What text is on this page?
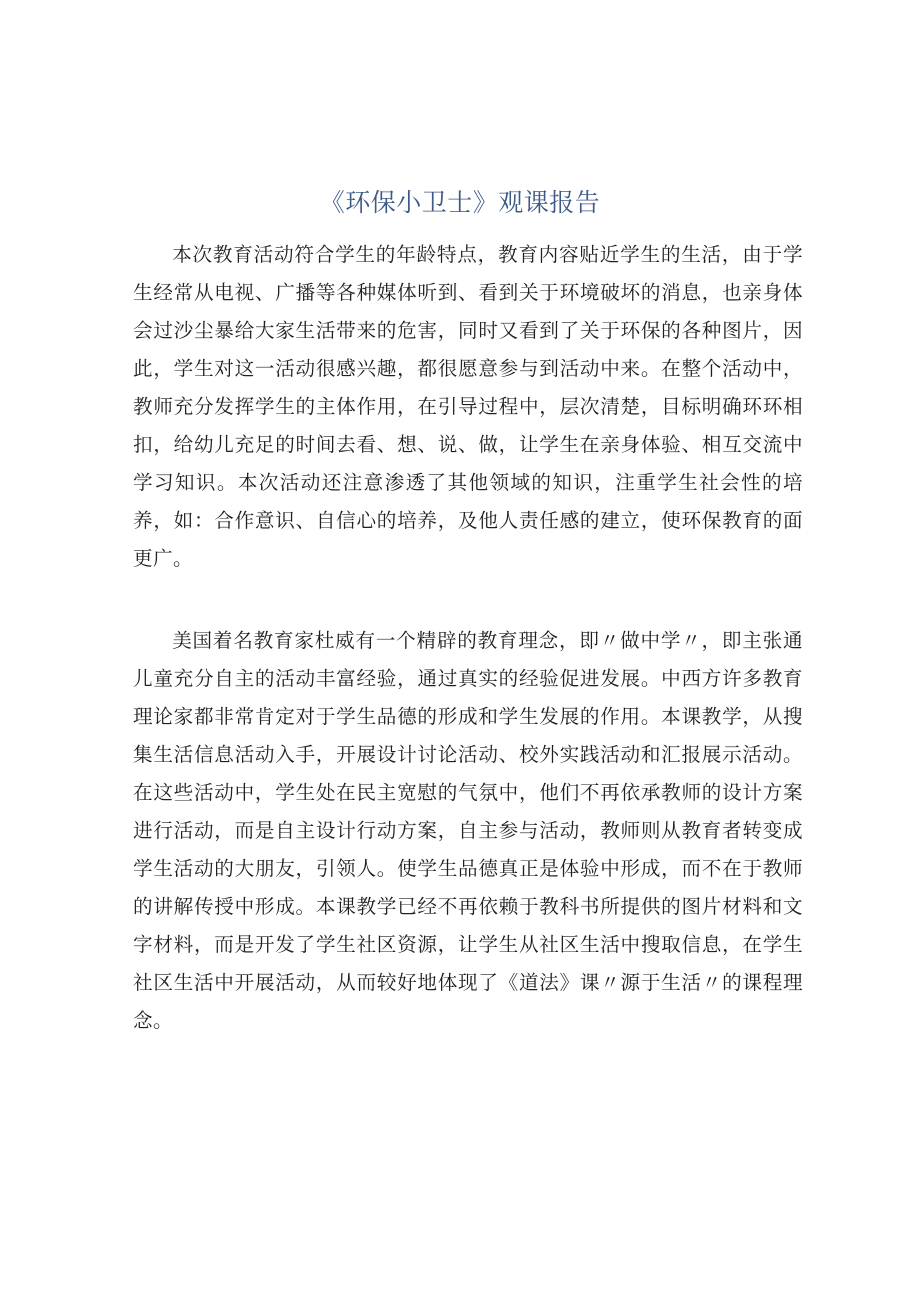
《环保小卫士》观课报告

本次教育活动符合学生的年龄特点，教育内容贴近学生的生活，由于学生经常从电视、广播等各种媒体听到、看到关于环境破坏的消息，也亲身体会过沙尘暴给大家生活带来的危害，同时又看到了关于环保的各种图片，因此，学生对这一活动很感兴趣，都很愿意参与到活动中来。在整个活动中，教师充分发挥学生的主体作用，在引导过程中，层次清楚，目标明确环环相扣，给幼儿充足的时间去看、想、说、做，让学生在亲身体验、相互交流中学习知识。本次活动还注意渗透了其他领域的知识，注重学生社会性的培养，如：合作意识、自信心的培养，及他人责任感的建立，使环保教育的面更广。

美国着名教育家杜威有一个精辟的教育理念，即〃做中学〃，即主张通儿童充分自主的活动丰富经验，通过真实的经验促进发展。中西方许多教育理论家都非常肯定对于学生品德的形成和学生发展的作用。本课教学，从搜集生活信息活动入手，开展设计讨论活动、校外实践活动和汇报展示活动。在这些活动中，学生处在民主宽慰的气氛中，他们不再依承教师的设计方案进行活动，而是自主设计行动方案，自主参与活动，教师则从教育者转变成学生活动的大朋友，引领人。使学生品德真正是体验中形成，而不在于教师的讲解传授中形成。本课教学已经不再依赖于教科书所提供的图片材料和文字材料，而是开发了学生社区资源，让学生从社区生活中搜取信息，在学生社区生活中开展活动，从而较好地体现了《道法》课〃源于生活〃的课程理念。
